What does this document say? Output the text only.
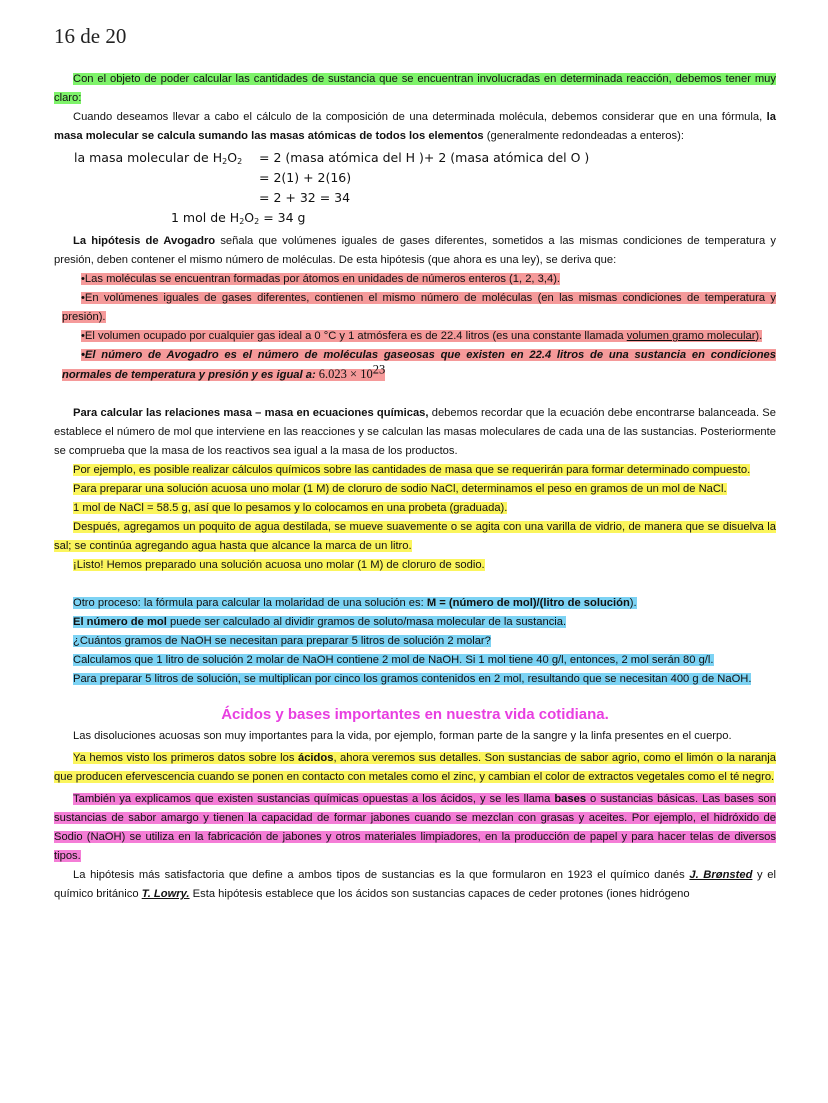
16 de 20

Con el objeto de poder calcular las cantidades de sustancia que se encuentran involucradas en determinada reacción, debemos tener muy claro:

Cuando deseamos llevar a cabo el cálculo de la composición de una determinada molécula, debemos considerar que en una fórmula, la masa molecular se calcula sumando las masas atómicas de todos los elementos (generalmente redondeadas a enteros):

la masa molecular de $H_2O_2 = 2$ (masa atómica del H )+ 2 (masa atómica del O )
= 2(1) + 2(16)
= 2 + 32 = 34
1 mol de $H_2O_2 = 34$ g

La hipótesis de Avogadro señala que volúmenes iguales de gases diferentes, sometidos a las mismas condiciones de temperatura y presión, deben contener el mismo número de moléculas. De esta hipótesis (que ahora es una ley), se deriva que:

•Las moléculas se encuentran formadas por átomos en unidades de números enteros (1, 2, 3,4).

•En volúmenes iguales de gases diferentes, contienen el mismo número de moléculas (en las mismas condiciones de temperatura y presión).

•El volumen ocupado por cualquier gas ideal a 0 °C y 1 atmósfera es de 22.4 litros (es una constante llamada volumen gramo molecular).

•El número de Avogadro es el número de moléculas gaseosas que existen en 22.4 litros de una sustancia en condiciones normales de temperatura y presión y es igual a: $6.023 \times 10^{23}$

Para calcular las relaciones masa – masa en ecuaciones químicas, debemos recordar que la ecuación debe encontrarse balanceada. Se establece el número de mol que interviene en las reacciones y se calculan las masas moleculares de cada una de las sustancias. Posteriormente se comprueba que la masa de los reactivos sea igual a la masa de los productos.

Por ejemplo, es posible realizar cálculos químicos sobre las cantidades de masa que se requerirán para formar determinado compuesto.

Para preparar una solución acuosa uno molar (1 M) de cloruro de sodio NaCl, determinamos el peso en gramos de un mol de NaCl.

1 mol de NaCl = 58.5 g, así que lo pesamos y lo colocamos en una probeta (graduada).

Después, agregamos un poquito de agua destilada, se mueve suavemente o se agita con una varilla de vidrio, de manera que se disuelva la sal; se continúa agregando agua hasta que alcance la marca de un litro.

¡Listo! Hemos preparado una solución acuosa uno molar (1 M) de cloruro de sodio.

Otro proceso: la fórmula para calcular la molaridad de una solución es: M = (número de mol)/(litro de solución).

El número de mol puede ser calculado al dividir gramos de soluto/masa molecular de la sustancia.

¿Cuántos gramos de NaOH se necesitan para preparar 5 litros de solución 2 molar?

Calculamos que 1 litro de solución 2 molar de NaOH contiene 2 mol de NaOH. Si 1 mol tiene 40 g/l, entonces, 2 mol serán 80 g/l.

Para preparar 5 litros de solución, se multiplican por cinco los gramos contenidos en 2 mol, resultando que se necesitan 400 g de NaOH.

Ácidos y bases importantes en nuestra vida cotidiana.

Las disoluciones acuosas son muy importantes para la vida, por ejemplo, forman parte de la sangre y la linfa presentes en el cuerpo.

Ya hemos visto los primeros datos sobre los ácidos, ahora veremos sus detalles. Son sustancias de sabor agrio, como el limón o la naranja que producen efervescencia cuando se ponen en contacto con metales como el zinc, y cambian el color de extractos vegetales como el té negro.

También ya explicamos que existen sustancias químicas opuestas a los ácidos, y se les llama bases o sustancias básicas. Las bases son sustancias de sabor amargo y tienen la capacidad de formar jabones cuando se mezclan con grasas y aceites. Por ejemplo, el hidróxido de Sodio (NaOH) se utiliza en la fabricación de jabones y otros materiales limpiadores, en la producción de papel y para hacer telas de diversos tipos.

La hipótesis más satisfactoria que define a ambos tipos de sustancias es la que formularon en 1923 el químico danés J. Brønsted y el químico británico T. Lowry. Esta hipótesis establece que los ácidos son sustancias capaces de ceder protones (iones hidrógeno
